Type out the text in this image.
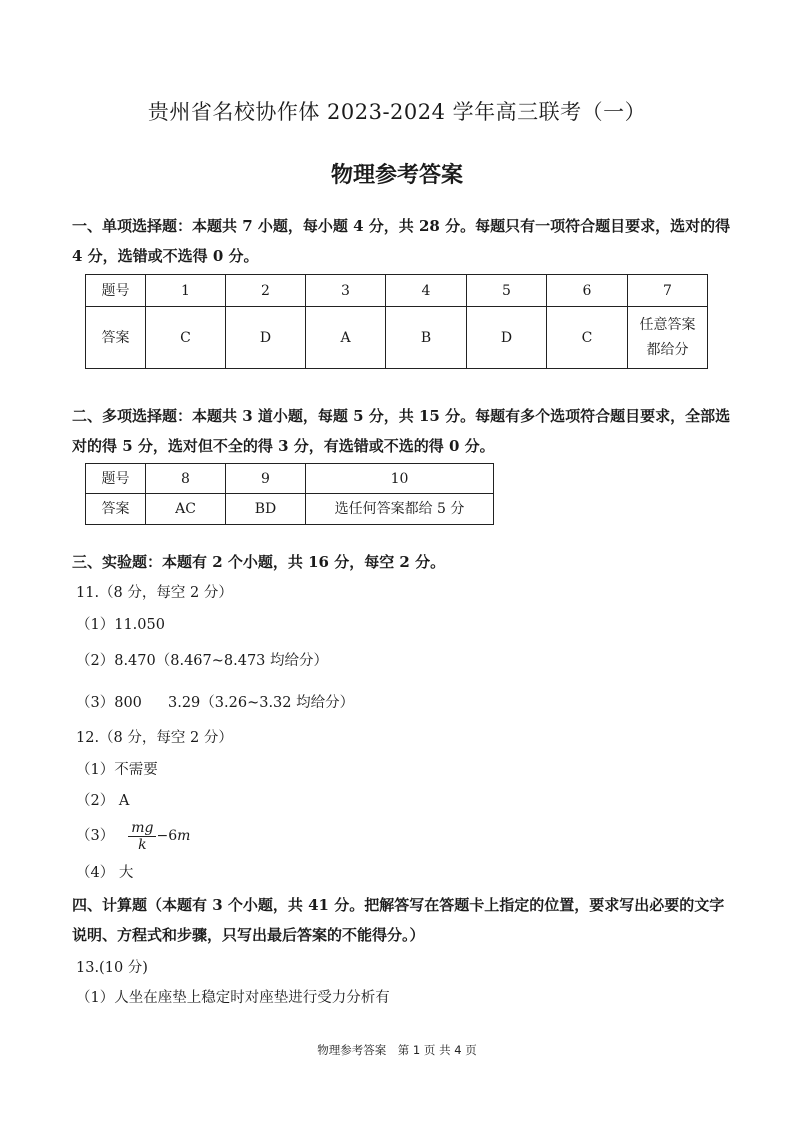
贵州省名校协作体 2023-2024 学年高三联考（一）
物理参考答案
一、单项选择题：本题共 7 小题，每小题 4 分，共 28 分。每题只有一项符合题目要求，选对的得 4 分，选错或不选得 0 分。
题号	1	2	3	4	5	6	7
答案	C	D	A	B	D	C	任意答案都给分
二、多项选择题：本题共 3 道小题，每题 5 分，共 15 分。每题有多个选项符合题目要求，全部选对的得 5 分，选对但不全的得 3 分，有选错或不选的得 0 分。
题号	8	9	10
答案	AC	BD	选任何答案都给 5 分
三、实验题：本题有 2 个小题，共 16 分，每空 2 分。
11.（8 分，每空 2 分）
（1）11.050
（2）8.470（8.467~8.473 均给分）
（3）800 3.29（3.26~3.32 均给分）
12.（8 分，每空 2 分）
（1）不需要
（2） A
$(3) \frac{mg}{k} -6m$
（4） 大
四、计算题（本题有 3 个小题，共 41 分。把解答写在答题卡上指定的位置，要求写出必要的文字说明、方程式和步骤，只写出最后答案的不能得分。）
13.(10 分)
（1）人坐在座垫上稳定时对座垫进行受力分析有
物理参考答案　第 1 页 共 4 页
